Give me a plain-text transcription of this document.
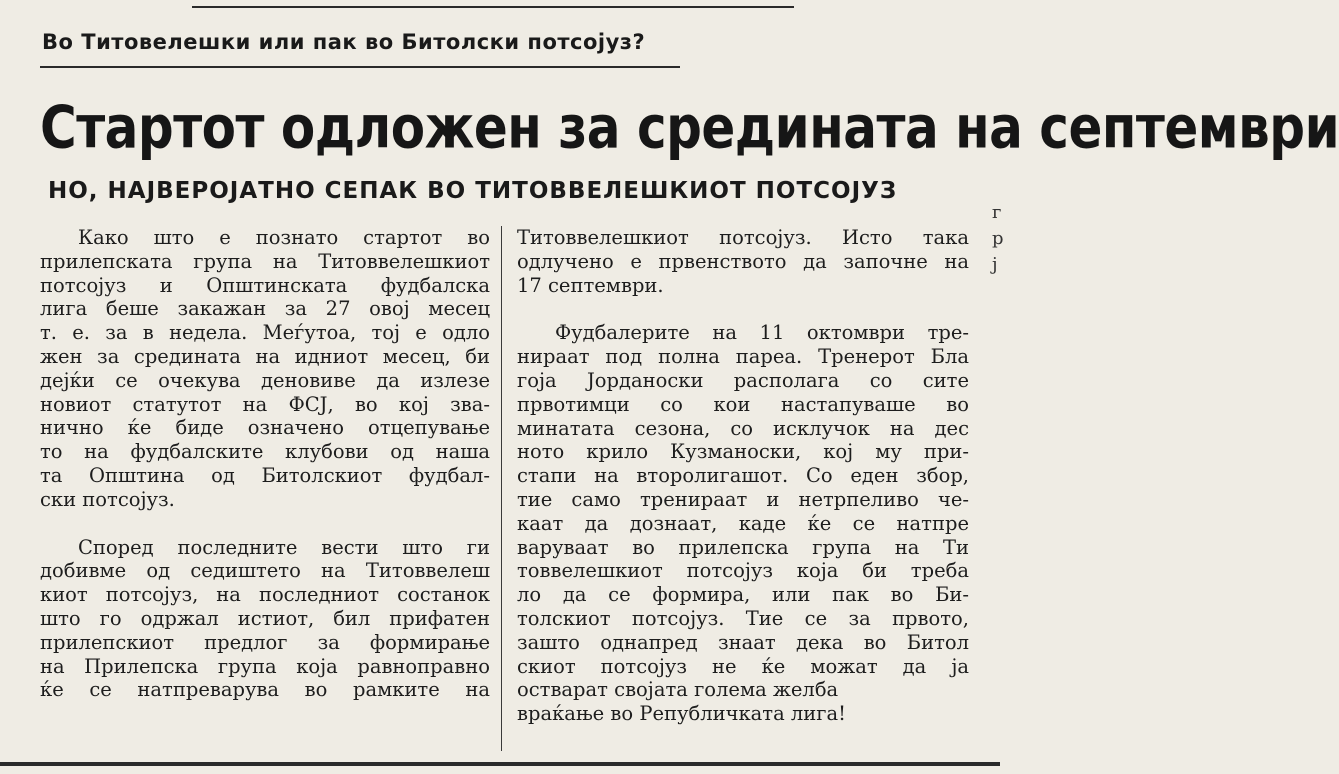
Во Титовелешки или пак во Битолски потсојуз?
Стартот одложен за средината на септември
НО, НАЈВЕРОЈАТНО СЕПАК ВО ТИТОВВЕЛЕШКИОТ ПОТСОЈУЗ

Како што е познато стартот во
прилепската група на Титоввелешкиот
потсојуз и Општинската фудбалска
лига беше закажан за 27 овој месец
т. е. за в недела. Меѓутоа, тој е одло
жен за средината на идниот месец, би
дејќи се очекува деновиве да излезе
новиот статутот на ФСЈ, во кој зва-
нично ќе биде означено отцепување
то на фудбалските клубови од наша
та Општина од Битолскиот фудбал-
ски потсојуз.

Според последните вести што ги
добивме од седиштето на Титоввелеш
киот потсојуз, на последниот состанок
што го одржал истиот, бил прифатен
прилепскиот предлог за формирање
на Прилепска група која равноправно
ќе се натпреварува во рамките на

Титоввелешкиот потсојуз. Исто така
одлучено е првенството да започне на
17 септември.

Фудбалерите на 11 октомври тре-
нираат под полна пареа. Тренерот Бла
гоја Јорданоски располага со сите
првотимци со кои настапуваше во
минатата сезона, со исклучок на дес
ното крило Кузманоски, кој му при-
стапи на второлигашот. Со еден збор,
тие само тренираат и нетрпеливо че-
каат да дознаат, каде ќе се натпре
варуваат во прилепска група на Ти
товвелешкиот потсојуз која би треба
ло да се формира, или пак во Би-
толскиот потсојуз. Тие се за првото,
зашто однапред знаат дека во Битол
скиот потсојуз не ќе можат да ја
остварат својата голема желба
враќање во Републичката лига!

г
р
ј
